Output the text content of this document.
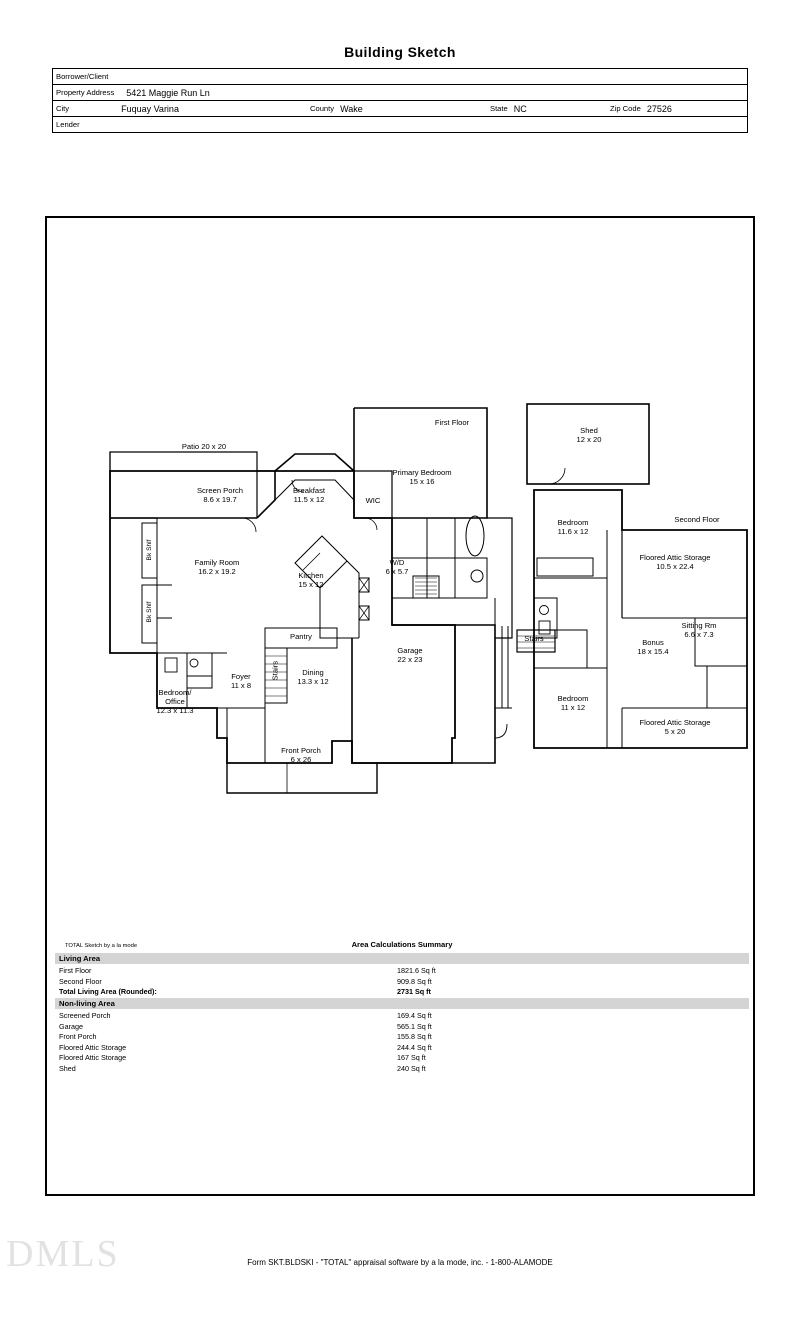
Building Sketch
Borrower/Client

Property Address	5421 Maggie Run Ln

City	Fuquay Varina	County Wake	State NC	Zip Code 27526

Lender
Patio 20 x 20
Screen Porch
8.6 x 19.7
Breakfast
11.5 x 12	WIC
Primary Bedroom
15 x 16
Family Room
16.2 x 19.2	Kitchen
15 x 12
W/D
6 x 5.7
Pantry
Stairs
Garage
22 x 23
Dining
13.3 x 12
Foyer
11 x 8
Bedroom/
Office
12.3 x 11.3
Front Porch
6 x 26
Bk Shlf
Bk Shlf
Shed
12 x 20
Bedroom
11.6 x 12
Bedroom
11 x 12
Stairs
Floored Attic Storage
10.5 x 22.4
Sitting Rm
6.6 x 7.3
Bonus
18 x 15.4
Floored Attic Storage
5 x 20
First Floor
Second Floor
TOTAL Sketch by a la mode	Area Calculations Summary
Living Area
First Floor	1821.6 Sq ft
Second Floor	909.8 Sq ft
Total Living Area (Rounded):	2731 Sq ft
Non-living Area
Screened Porch	169.4 Sq ft
Garage	565.1 Sq ft
Front Porch	155.8 Sq ft
Floored Attic Storage	244.4 Sq ft
Floored Attic Storage	167 Sq ft
Shed	240 Sq ft
DMLS	Form SKT.BLDSKI - "TOTAL" appraisal software by a la mode, inc. - 1-800-ALAMODE
